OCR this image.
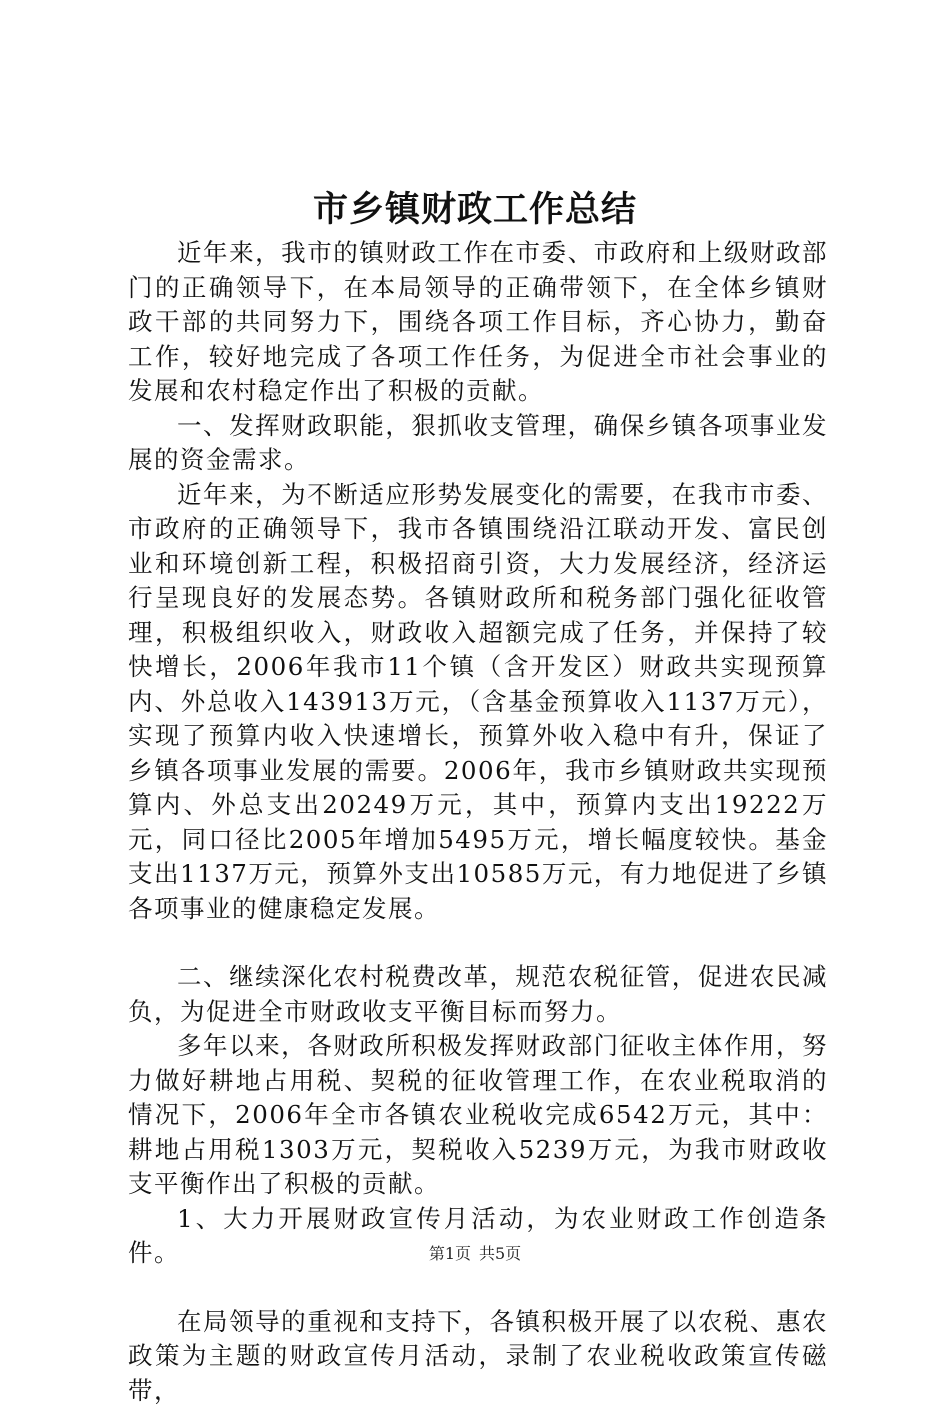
市乡镇财政工作总结

近年来，我市的镇财政工作在市委、市政府和上级财政部门的正确领导下，在本局领导的正确带领下，在全体乡镇财政干部的共同努力下，围绕各项工作目标，齐心协力，勤奋工作，较好地完成了各项工作任务，为促进全市社会事业的发展和农村稳定作出了积极的贡献。

一、发挥财政职能，狠抓收支管理，确保乡镇各项事业发展的资金需求。

近年来，为不断适应形势发展变化的需要，在我市市委、市政府的正确领导下，我市各镇围绕沿江联动开发、富民创业和环境创新工程，积极招商引资，大力发展经济，经济运行呈现良好的发展态势。各镇财政所和税务部门强化征收管理，积极组织收入，财政收入超额完成了任务，并保持了较快增长，2006年我市11个镇（含开发区）财政共实现预算内、外总收入143913万元，（含基金预算收入1137万元），实现了预算内收入快速增长，预算外收入稳中有升，保证了乡镇各项事业发展的需要。2006年，我市乡镇财政共实现预算内、外总支出20249万元，其中，预算内支出19222万元，同口径比2005年增加5495万元，增长幅度较快。基金支出1137万元，预算外支出10585万元，有力地促进了乡镇各项事业的健康稳定发展。

二、继续深化农村税费改革，规范农税征管，促进农民减负，为促进全市财政收支平衡目标而努力。

多年以来，各财政所积极发挥财政部门征收主体作用，努力做好耕地占用税、契税的征收管理工作，在农业税取消的情况下，2006年全市各镇农业税收完成6542万元，其中：耕地占用税1303万元，契税收入5239万元，为我市财政收支平衡作出了积极的贡献。

1、大力开展财政宣传月活动，为农业财政工作创造条件。

在局领导的重视和支持下，各镇积极开展了以农税、惠农政策为主题的财政宣传月活动，录制了农业税收政策宣传磁带，

第1页 共5页
